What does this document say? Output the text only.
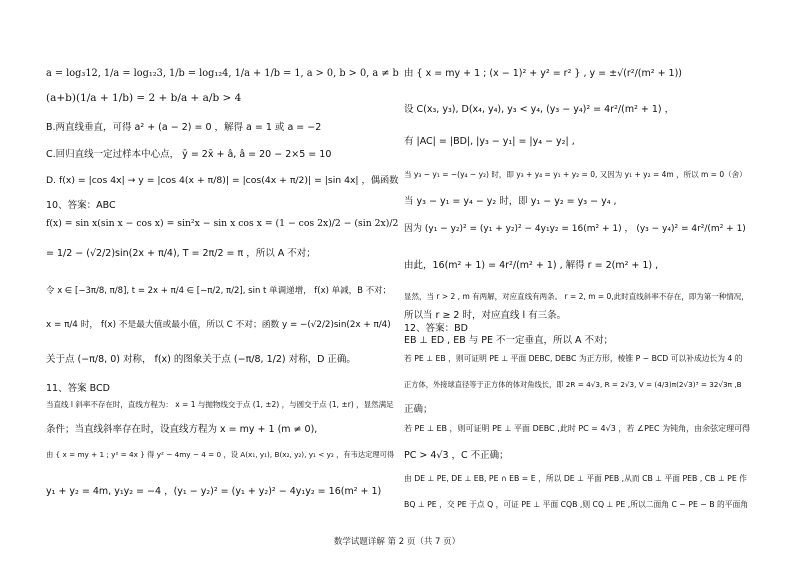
a = log₃12, 1/a = log₁₂3, 1/b = log₁₂4, 1/a + 1/b = 1, a > 0, b > 0, a ≠ b
(a+b)(1/a + 1/b) = 2 + b/a + a/b > 4
B.两直线垂直，可得 a² + (a − 2) = 0 ，解得 a = 1 或 a = −2
C.回归直线一定过样本中心点， ȳ = 2x̄ + â, â = 20 − 2×5 = 10
D. f(x) = |cos 4x| → y = |cos 4(x + π/8)| = |cos(4x + π/2)| = |sin 4x| ，偶函数
10、答案：ABC
f(x) = sin x(sin x − cos x) = sin²x − sin x cos x = (1 − cos 2x)/2 − (sin 2x)/2
= 1/2 − (√2/2)sin(2x + π/4), T = 2π/2 = π ，所以 A 不对；
令 x ∈ [−3π/8, π/8], t = 2x + π/4 ∈ [−π/2, π/2], sin t 单调递增， f(x) 单减，B 不对；
x = π/4 时， f(x) 不是最大值或最小值，所以 C 不对；函数 y = −(√2/2)sin(2x + π/4)
关于点 (−π/8, 0) 对称， f(x) 的图象关于点 (−π/8, 1/2) 对称，D 正确。
11、答案 BCD
当直线 l 斜率不存在时，直线方程为： x = 1 与抛物线交于点 (1, ±2) ，与圆交于点 (1, ±r) ，显然满足
条件；当直线斜率存在时，设直线方程为 x = my + 1 (m ≠ 0),
由 { x = my + 1 ; y² = 4x } 得 y² − 4my − 4 = 0 ，设 A(x₁, y₁), B(x₂, y₂), y₁ < y₂ ，有韦达定理可得
y₁ + y₂ = 4m, y₁y₂ = −4 ，(y₁ − y₂)² = (y₁ + y₂)² − 4y₁y₂ = 16(m² + 1)
由 { x = my + 1 ; (x − 1)² + y² = r² } , y = ±√(r²/(m² + 1))
设 C(x₃, y₃), D(x₄, y₄), y₃ < y₄, (y₃ − y₄)² = 4r²/(m² + 1) ，
有 |AC| = |BD|, |y₃ − y₁| = |y₄ − y₂| ,
当 y₃ − y₁ = −(y₄ − y₂) 时，即 y₃ + y₄ = y₁ + y₂ = 0, 又因为 y₁ + y₂ = 4m ，所以 m = 0（舍）
当 y₃ − y₁ = y₄ − y₂ 时，即 y₁ − y₂ = y₃ − y₄ ,
因为 (y₁ − y₂)² = (y₁ + y₂)² − 4y₁y₂ = 16(m² + 1) ， (y₃ − y₄)² = 4r²/(m² + 1)
由此，16(m² + 1) = 4r²/(m² + 1) , 解得 r = 2(m² + 1) ,
显然，当 r > 2 , m 有两解，对应直线有两条。 r = 2, m = 0,此时直线斜率不存在，即为第一种情况，
所以当 r ≥ 2 时，对应直线 l 有三条。
12、答案：BD
EB ⊥ ED , EB 与 PE 不一定垂直，所以 A 不对；
若 PE ⊥ EB ，则可证明 PE ⊥ 平面 DEBC, DEBC 为正方形，棱锥 P − BCD 可以补成边长为 4 的
正方体，外接球直径等于正方体的体对角线长，即 2R = 4√3, R = 2√3, V = (4/3)π(2√3)³ = 32√3π ,B
正确；
若 PE ⊥ EB ，则可证明 PE ⊥ 平面 DEBC ,此时 PC = 4√3 ，若 ∠PEC 为钝角，由余弦定理可得
PC > 4√3 ，C 不正确；
由 DE ⊥ PE, DE ⊥ EB, PE ∩ EB = E ，所以 DE ⊥ 平面 PEB ,从而 CB ⊥ 平面 PEB , CB ⊥ PE 作
BQ ⊥ PE ，交 PE 于点 Q ，可证 PE ⊥ 平面 CQB ,则 CQ ⊥ PE ,所以二面角 C − PE − B 的平面角
数学试题详解 第 2 页（共 7 页）
